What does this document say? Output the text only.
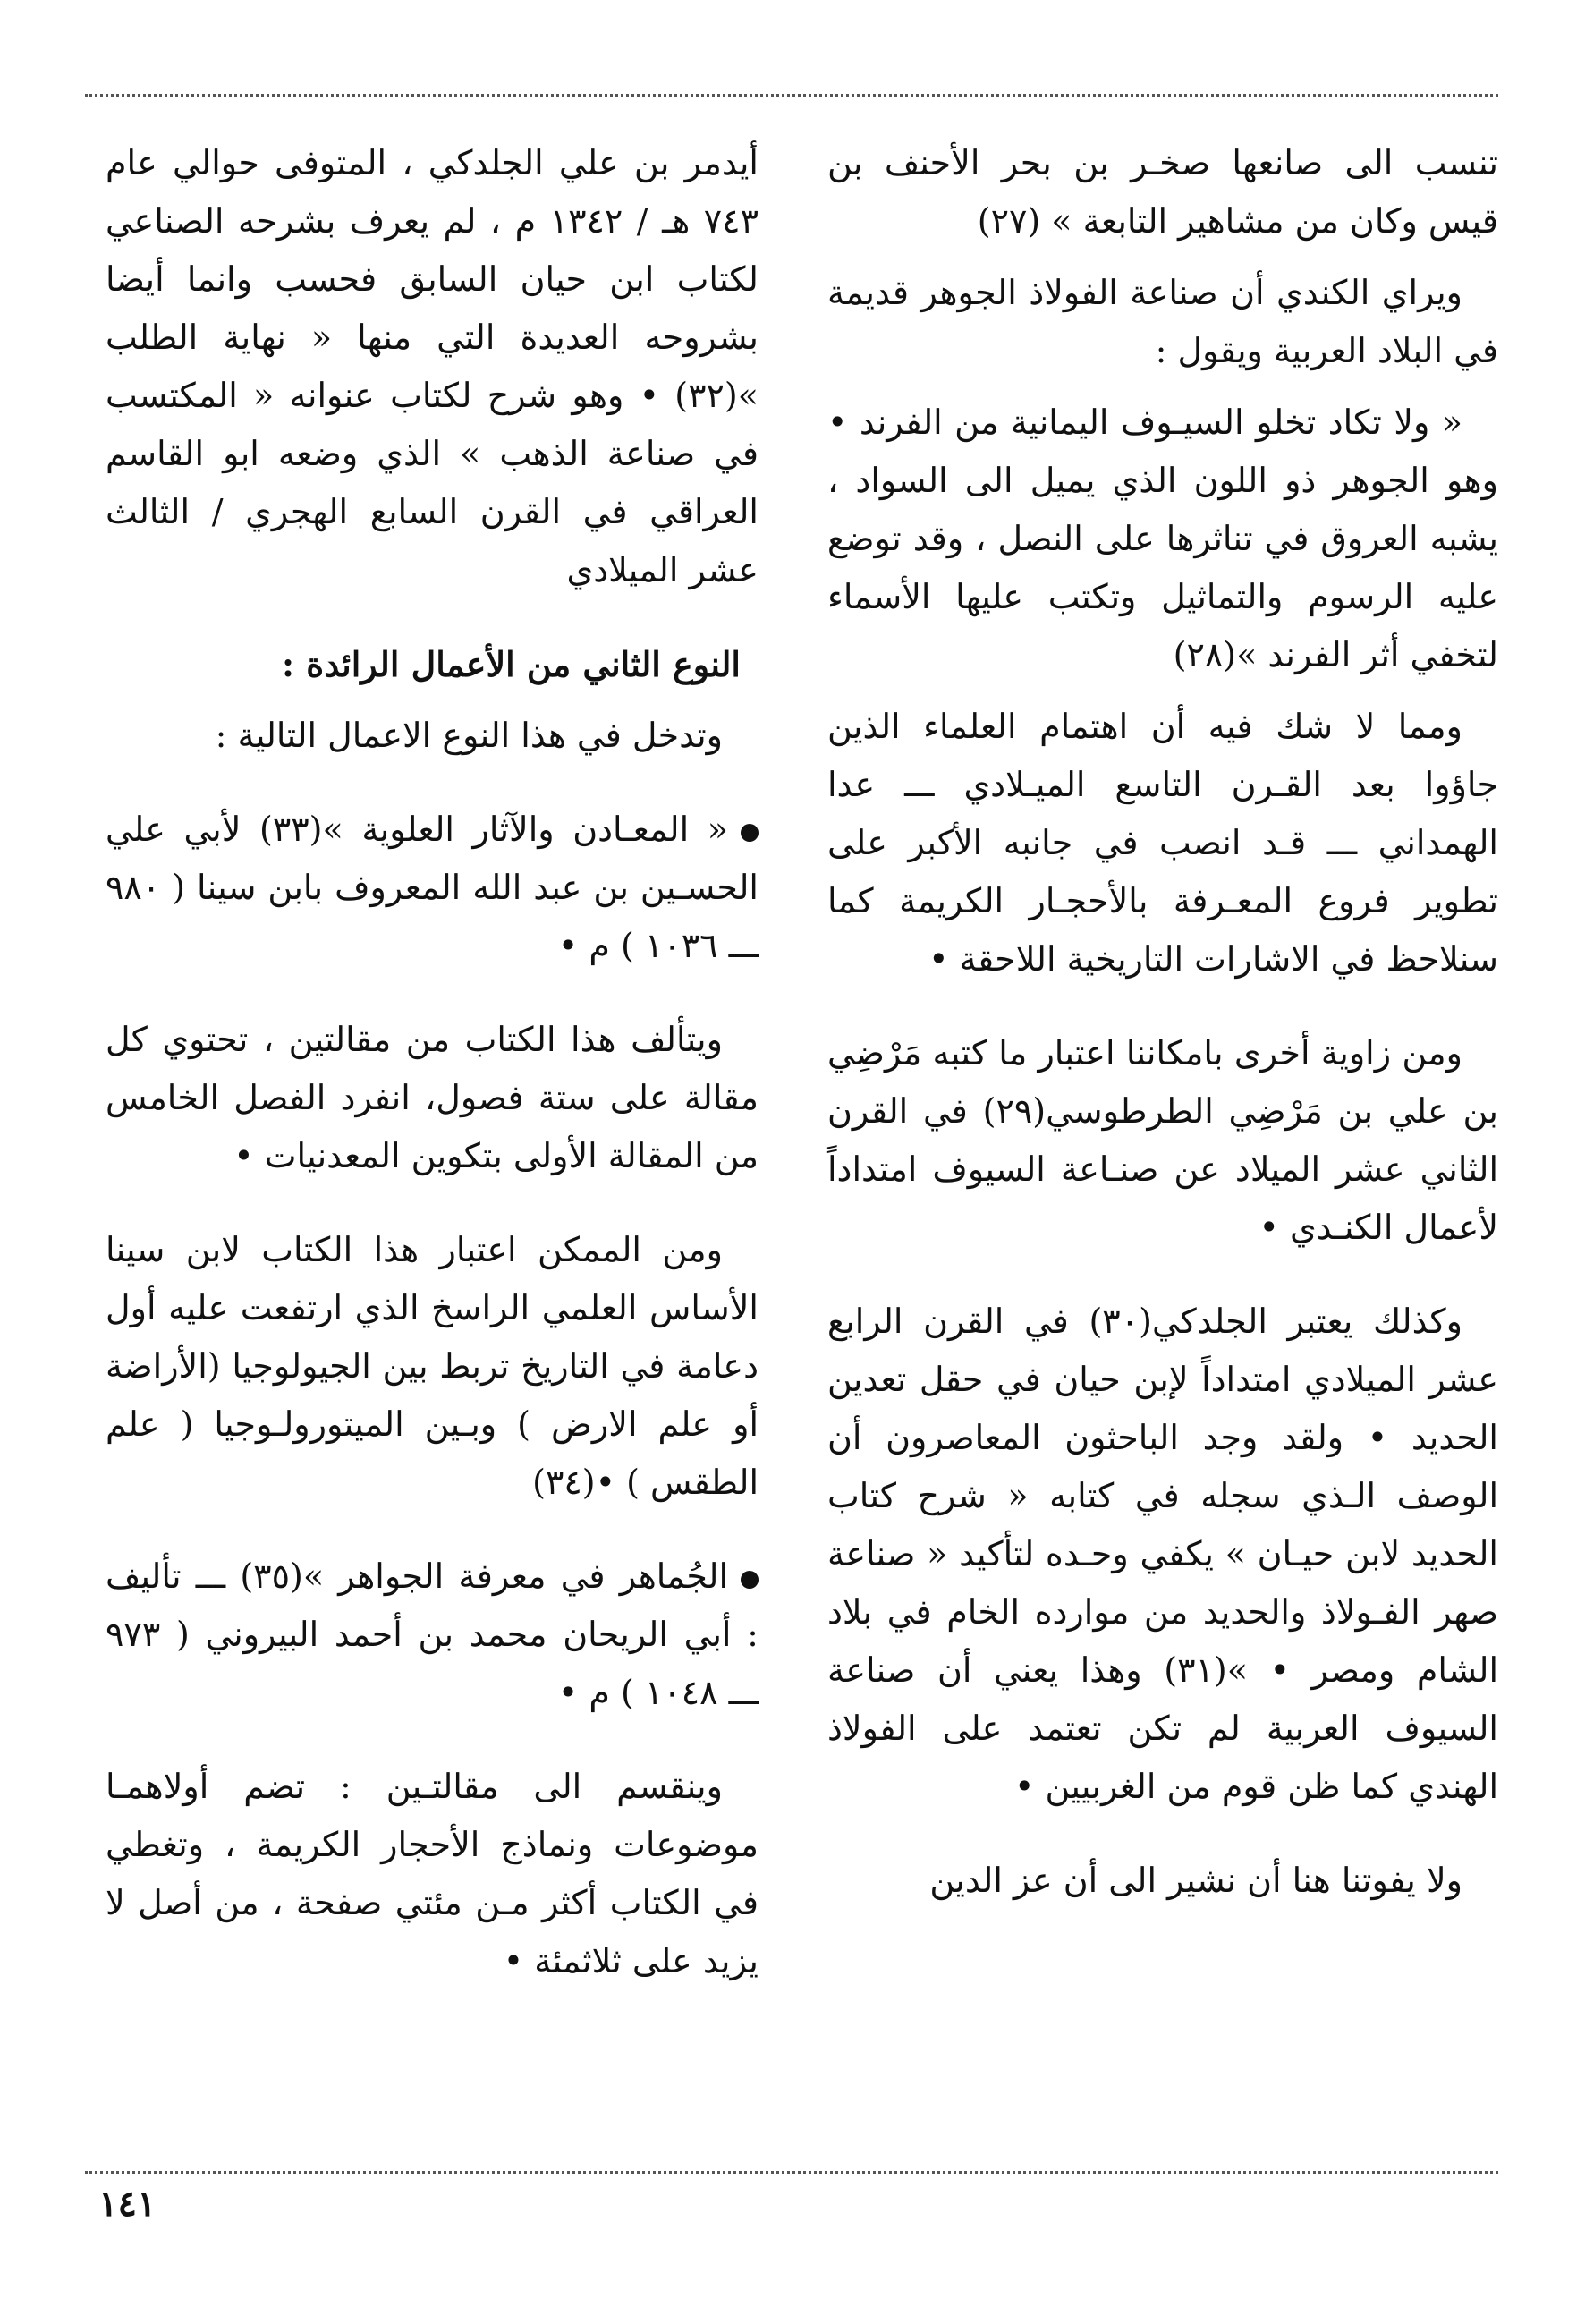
تنسب الى صانعها صخـر بن بحر الأحنف بن قيس وكان من مشاهير التابعة » (٢٧)

ويراي الكندي أن صناعة الفولاذ الجوهر قديمة في البلاد العربية ويقول :

« ولا تكاد تخلو السيـوف اليمانية من الفرند • وهو الجوهر ذو اللون الذي يميل الى السواد ، يشبه العروق في تناثرها على النصل ، وقد توضع عليه الرسوم والتماثيل وتكتب عليها الأسماء لتخفي أثر الفرند »(٢٨)

ومما لا شك فيه أن اهتمام العلماء الذين جاؤوا بعد القـرن التاسع الميـلادي ـــ عدا الهمداني ـــ قـد انصب في جانبه الأكبر على تطوير فروع المعـرفة بالأحجـار الكريمة كما سنلاحظ في الاشارات التاريخية اللاحقة •

ومن زاوية أخرى بامكاننا اعتبار ما كتبه مَرْضِي بن علي بن مَرْضِي الطرطوسي(٢٩) في القرن الثاني عشر الميلاد عن صنـاعة السيوف امتداداً لأعمال الكنـدي •

وكذلك يعتبر الجلدكي(٣٠) في القرن الرابع عشر الميلادي امتداداً لإبن حيان في حقل تعدين الحديد • ولقد وجد الباحثون المعاصرون أن الوصف الـذي سجله في كتابه « شرح كتاب الحديد لابن حيـان » يكفي وحـده لتأكيد « صناعة صهر الفـولاذ والحديد من موارده الخام في بلاد الشام ومصر • »(٣١) وهذا يعني أن صناعة السيوف العربية لم تكن تعتمد على الفولاذ الهندي كما ظن قوم من الغربيين •

ولا يفوتنا هنا أن نشير الى أن عز الدين

أيدمر بن علي الجلدكي ، المتوفى حوالي عام ٧٤٣ هـ / ١٣٤٢ م ، لم يعرف بشرحه الصناعي لكتاب ابن حيان السابق فحسب وانما أيضا بشروحه العديدة التي منها « نهاية الطلب »(٣٢) • وهو شرح لكتاب عنوانه « المكتسب في صناعة الذهب » الذي وضعه ابو القاسم العراقي في القرن السابع الهجري / الثالث عشر الميلادي

النوع الثاني من الأعمال الرائدة :

وتدخل في هذا النوع الاعمال التالية :

« المعـادن والآثار العلوية »(٣٣) لأبي علي الحسـين بن عبد الله المعروف بابن سينا ( ٩٨٠ ـــ ١٠٣٦ ) م •

ويتألف هذا الكتاب من مقالتين ، تحتوي كل مقالة على ستة فصول، انفرد الفصل الخامس من المقالة الأولى بتكوين المعدنيات •

ومن الممكن اعتبار هذا الكتاب لابن سينا الأساس العلمي الراسخ الذي ارتفعت عليه أول دعامة في التاريخ تربط بين الجيولوجيا (الأراضة أو علم الارض ) وبـين الميتورولـوجيا ( علم الطقس ) •(٣٤)

الجُماهر في معرفة الجواهر »(٣٥) ـــ تأليف : أبي الريحان محمد بن أحمد البيروني ( ٩٧٣ ـــ ١٠٤٨ ) م •

وينقسم الى مقالتـين : تضم أولاهمـا موضوعات ونماذج الأحجار الكريمة ، وتغطي في الكتاب أكثر مـن مئتي صفحة ، من أصل لا يزيد على ثلاثمئة •

١٤١
